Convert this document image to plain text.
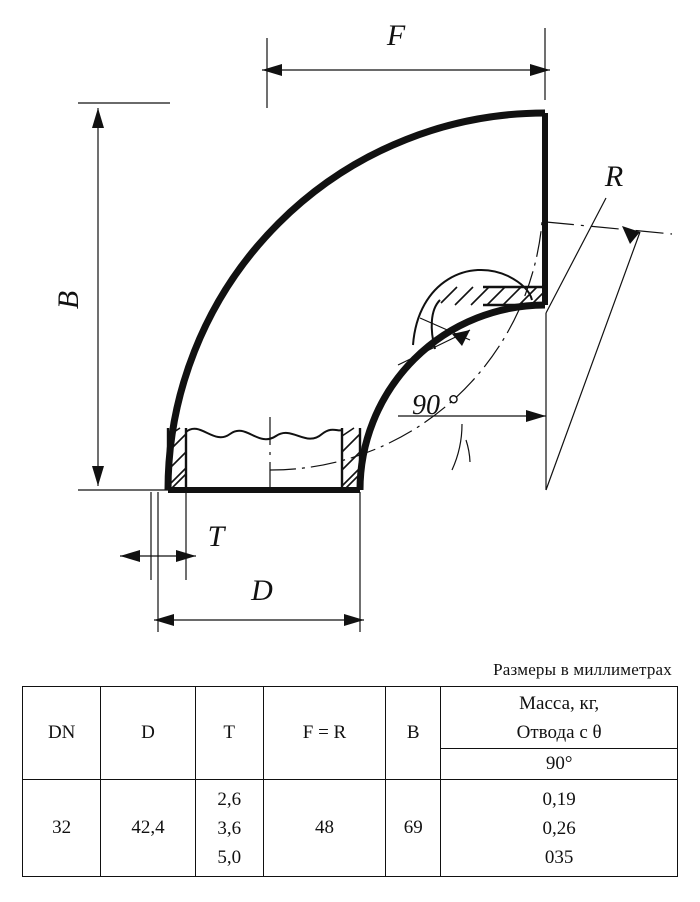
F
R
B
T
D
90 °
Размеры в миллиметрах
DN	D	T	F = R	B	Масса, кг,
Отвода с θ
90°

32	42,4	2,6
3,6
5,0	48	69	0,19
0,26
035
